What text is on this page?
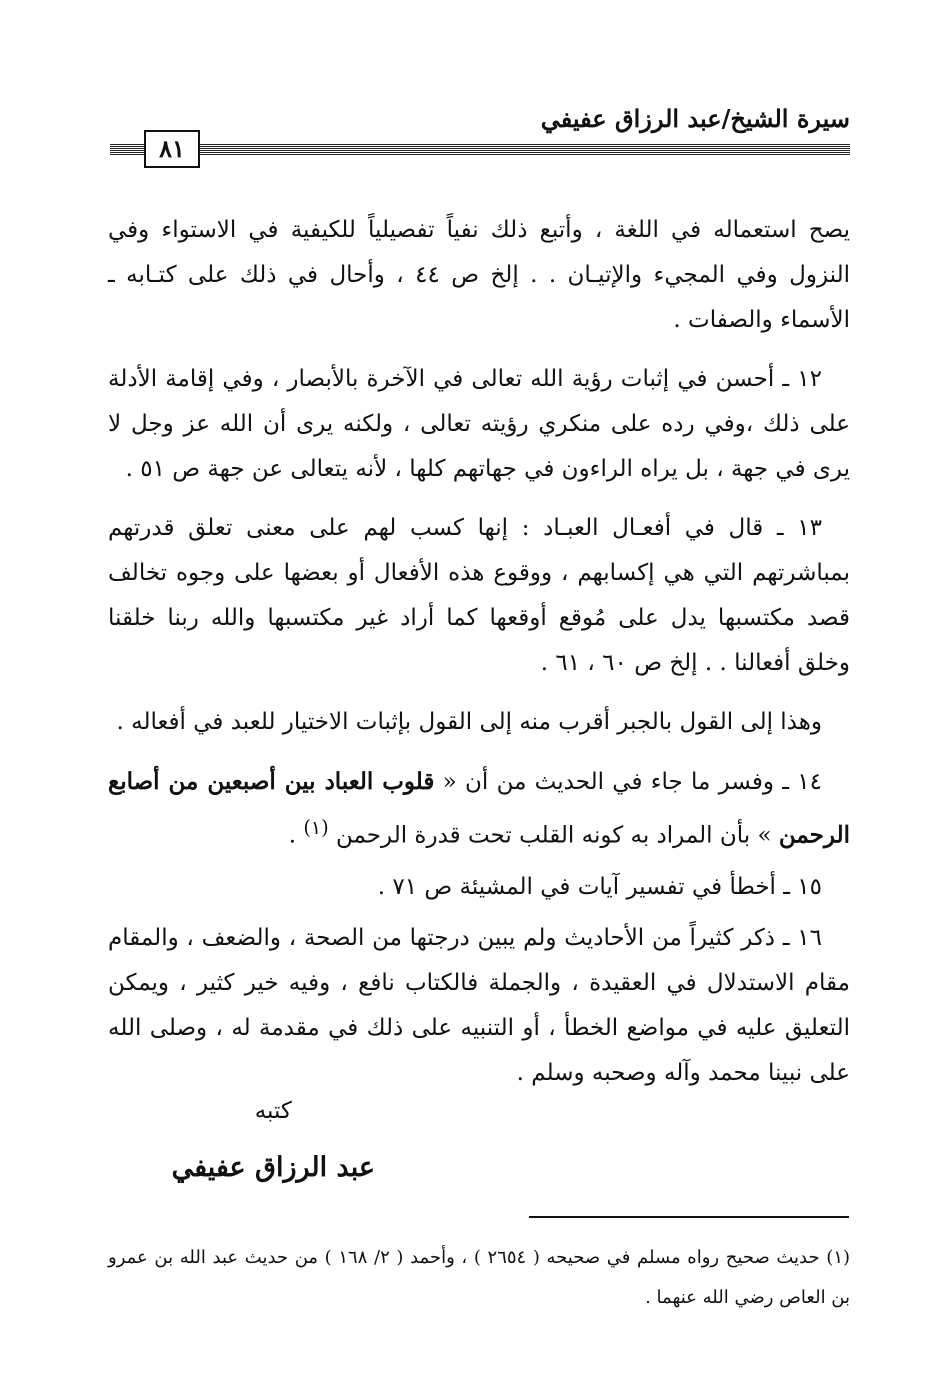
سيرة الشيخ/عبد الرزاق عفيفي
٨١

يصح استعماله في اللغة ، وأتبع ذلك نفياً تفصيلياً للكيفية في الاستواء وفي النزول وفي المجيء والإتيـان . . إلخ ص ٤٤ ، وأحال في ذلك على كتـابه ـ الأسماء والصفات .

١٢ ـ أحسن في إثبات رؤية الله تعالى في الآخرة بالأبصار ، وفي إقامة الأدلة على ذلك ،وفي رده على منكري رؤيته تعالى ، ولكنه يرى أن الله عز وجل لا يرى في جهة ، بل يراه الراءون في جهاتهم كلها ، لأنه يتعالى عن جهة ص ٥١ .

١٣ ـ قال في أفعـال العبـاد : إنها كسب لهم على معنى تعلق قدرتهم بمباشرتهم التي هي إكسابهم ، ووقوع هذه الأفعال أو بعضها على وجوه تخالف قصد مكتسبها يدل على مُوقع أوقعها كما أراد غير مكتسبها والله ربنا خلقنا وخلق أفعالنا . . إلخ ص ٦٠ ، ٦١ .

وهذا إلى القول بالجبر أقرب منه إلى القول بإثبات الاختيار للعبد في أفعاله .

١٤ ـ وفسر ما جاء في الحديث من أن « قلوب العباد بين أصبعين من أصابع الرحمن » بأن المراد به كونه القلب تحت قدرة الرحمن $^{(١)}$ .

١٥ ـ أخطأ في تفسير آيات في المشيئة ص ٧١ .

١٦ ـ ذكر كثيراً من الأحاديث ولم يبين درجتها من الصحة ، والضعف ، والمقام مقام الاستدلال في العقيدة ، والجملة فالكتاب نافع ، وفيه خير كثير ، ويمكن التعليق عليه في مواضع الخطأ ، أو التنبيه على ذلك في مقدمة له ، وصلى الله على نبينا محمد وآله وصحبه وسلم .

كتبه
عبد الرزاق عفيفي
(١) حديث صحيح رواه مسلم في صحيحه ( ٢٦٥٤ ) ، وأحمد ( ٢/ ١٦٨ ) من حديث عبد الله بن عمرو بن العاص رضي الله عنهما .
